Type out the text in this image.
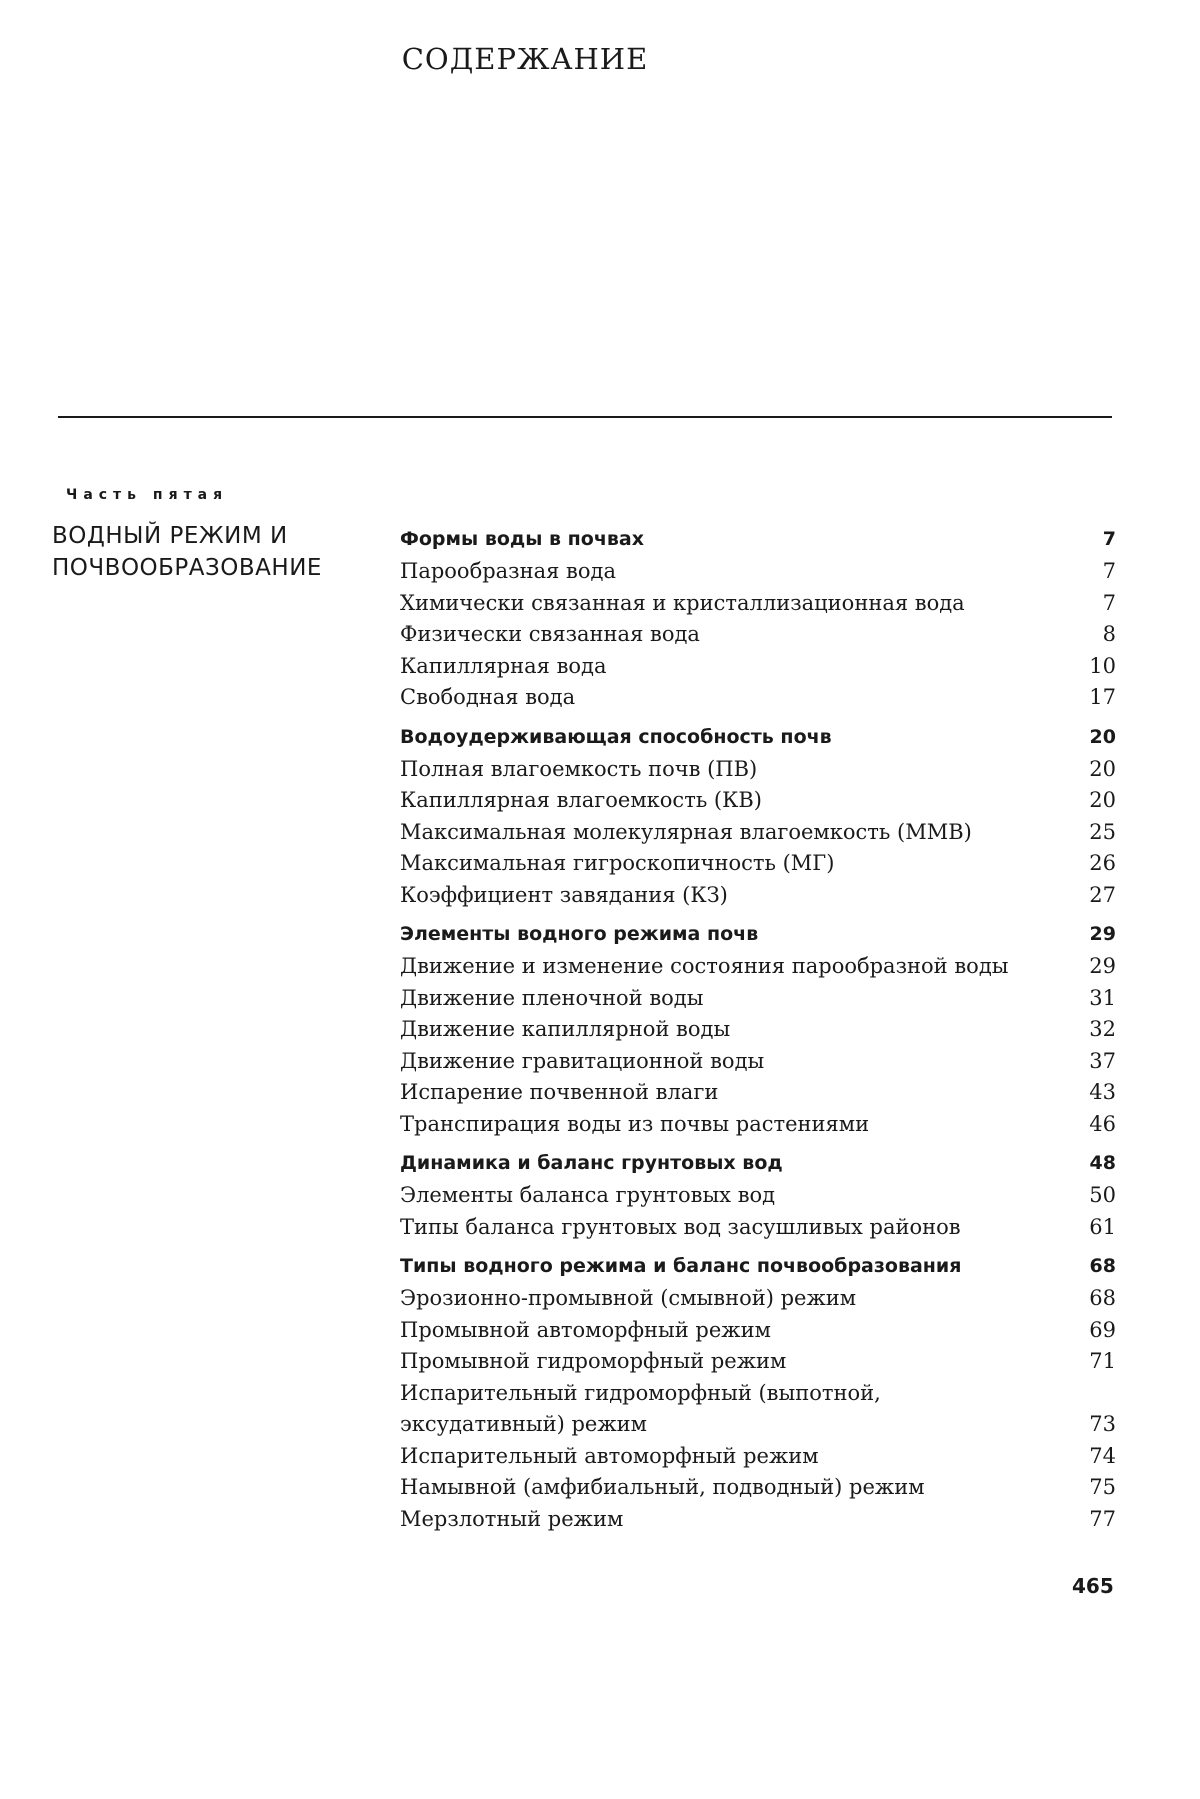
СОДЕРЖАНИЕ
Часть пятая
ВОДНЫЙ РЕЖИМ И
ПОЧВООБРАЗОВАНИЕ
Формы воды в почвах	7
Парообразная вода	7
Химически связанная и кристаллизационная вода	7
Физически связанная вода	8
Капиллярная вода	10
Свободная вода	17
Водоудерживающая способность почв	20
Полная влагоемкость почв (ПВ)	20
Капиллярная влагоемкость (КВ)	20
Максимальная молекулярная влагоемкость (ММВ)	25
Максимальная гигроскопичность (МГ)	26
Коэффициент завядания (КЗ)	27
Элементы водного режима почв	29
Движение и изменение состояния парообразной воды	29
Движение пленочной воды	31
Движение капиллярной воды	32
Движение гравитационной воды	37
Испарение почвенной влаги	43
Транспирация воды из почвы растениями	46
Динамика и баланс грунтовых вод	48
Элементы баланса грунтовых вод	50
Типы баланса грунтовых вод засушливых районов	61
Типы водного режима и баланс почвообразования	68
Эрозионно-промывной (смывной) режим	68
Промывной автоморфный режим	69
Промывной гидроморфный режим	71
Испарительный гидроморфный (выпотной, эксудативный) режим	73
Испарительный автоморфный режим	74
Намывной (амфибиальный, подводный) режим	75
Мерзлотный режим	77
465
